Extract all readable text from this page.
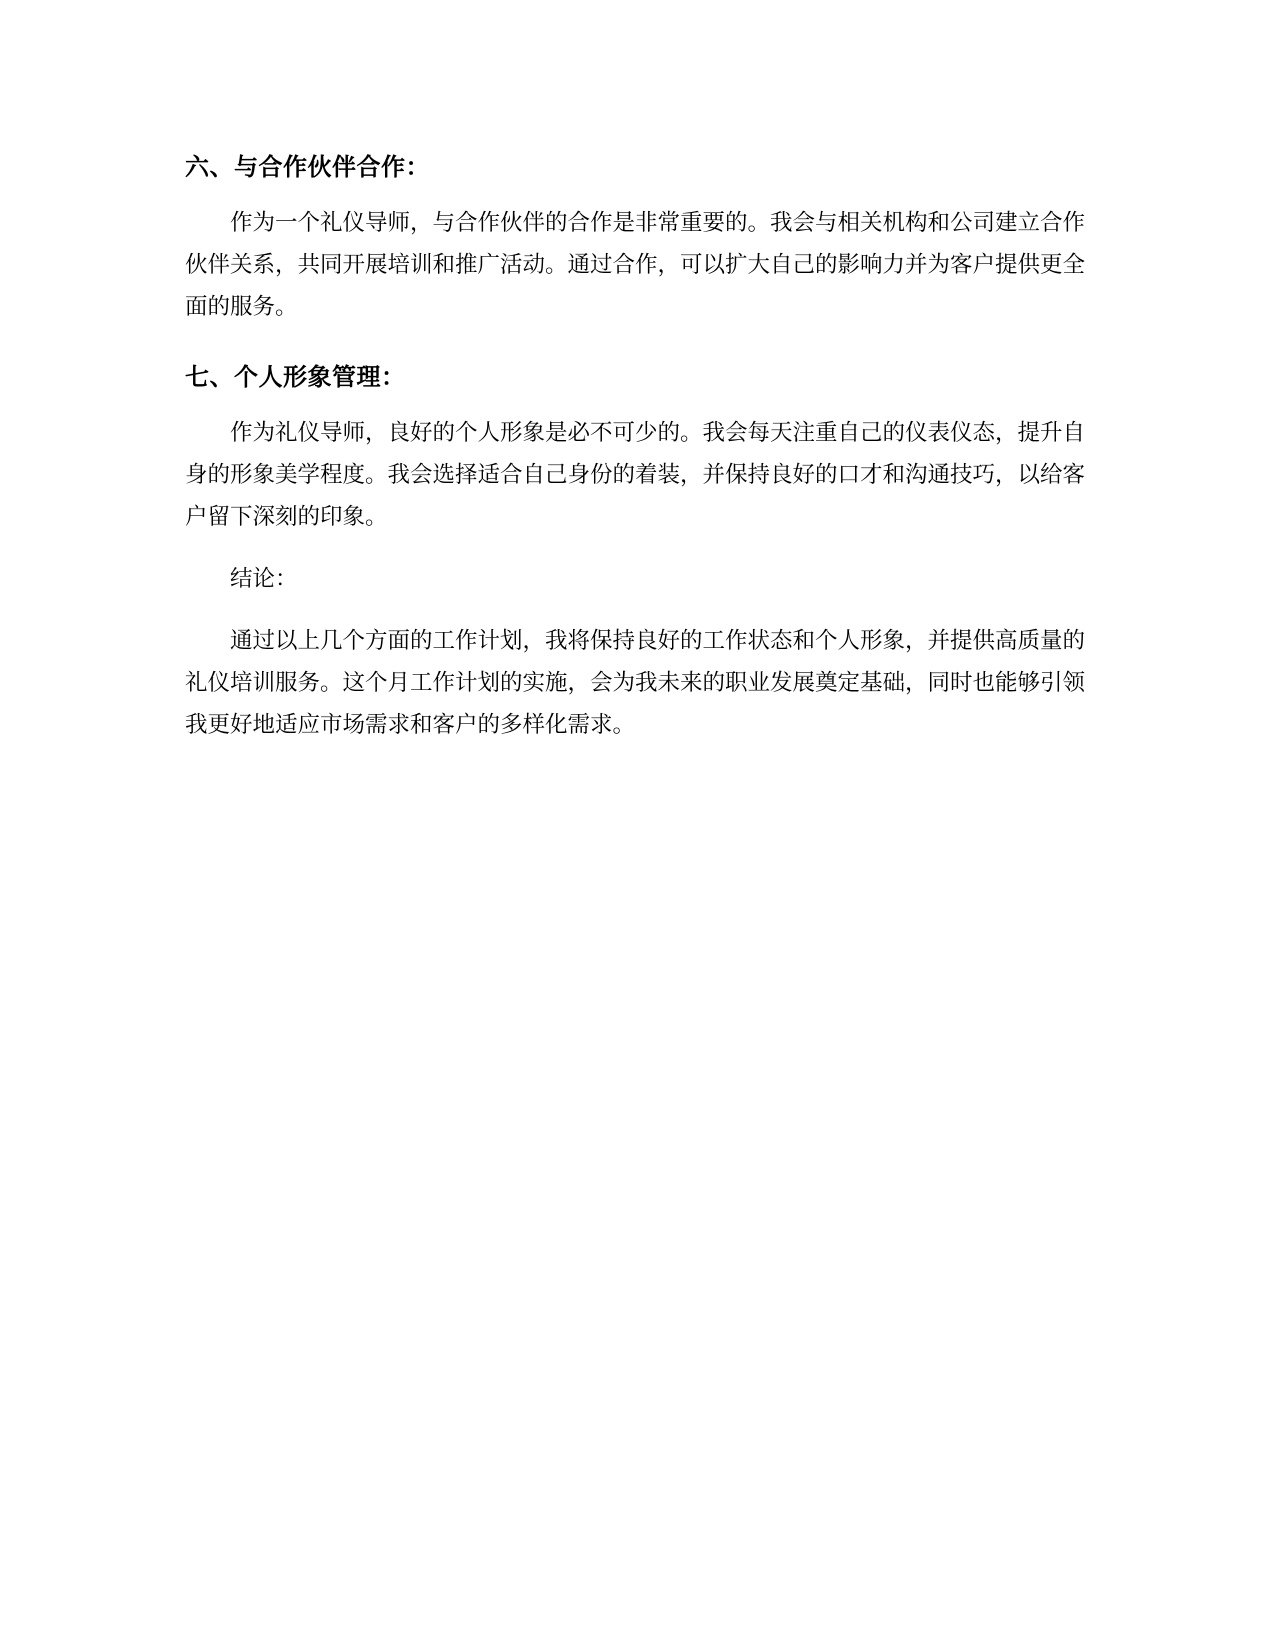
六、与合作伙伴合作：

作为一个礼仪导师，与合作伙伴的合作是非常重要的。我会与相关机构和公司建立合作伙伴关系，共同开展培训和推广活动。通过合作，可以扩大自己的影响力并为客户提供更全面的服务。

七、个人形象管理：

作为礼仪导师，良好的个人形象是必不可少的。我会每天注重自己的仪表仪态，提升自身的形象美学程度。我会选择适合自己身份的着装，并保持良好的口才和沟通技巧，以给客户留下深刻的印象。

结论：

通过以上几个方面的工作计划，我将保持良好的工作状态和个人形象，并提供高质量的礼仪培训服务。这个月工作计划的实施，会为我未来的职业发展奠定基础，同时也能够引领我更好地适应市场需求和客户的多样化需求。
